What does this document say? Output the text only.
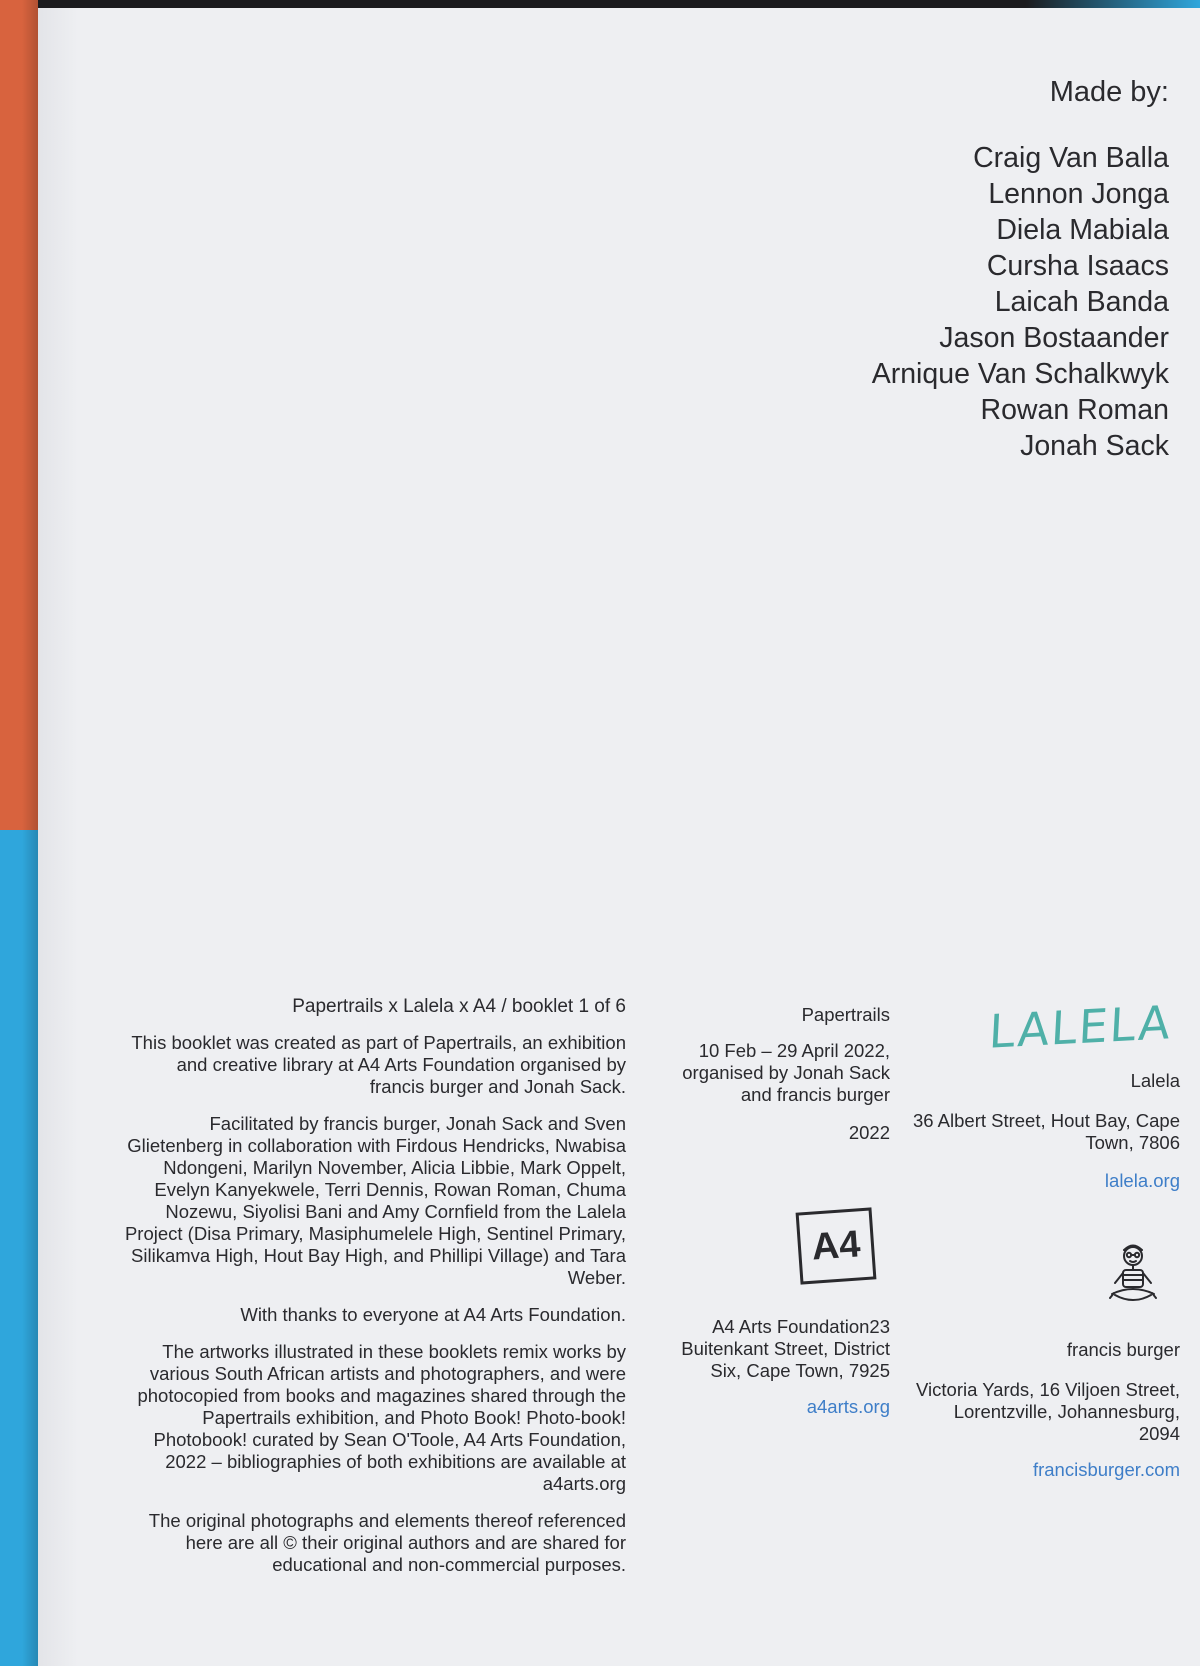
Made by:
Craig Van Balla
Lennon Jonga
Diela Mabiala
Cursha Isaacs
Laicah Banda
Jason Bostaander
Arnique Van Schalkwyk
Rowan Roman
Jonah Sack
Papertrails x Lalela x A4 / booklet 1 of 6

This booklet was created as part of Papertrails, an exhibition and creative library at A4 Arts Foundation organised by francis burger and Jonah Sack.

Facilitated by francis burger, Jonah Sack and Sven Glietenberg in collaboration with Firdous Hendricks, Nwabisa Ndongeni, Marilyn November, Alicia Libbie, Mark Oppelt, Evelyn Kanyekwele, Terri Dennis, Rowan Roman, Chuma Nozewu, Siyolisi Bani and Amy Cornfield from the Lalela Project (Disa Primary, Masiphumelele High, Sentinel Primary, Silikamva High, Hout Bay High, and Phillipi Village) and Tara Weber.

With thanks to everyone at A4 Arts Foundation.

The artworks illustrated in these booklets remix works by various South African artists and photographers, and were photocopied from books and magazines shared through the Papertrails exhibition, and Photo Book! Photo-book! Photobook! curated by Sean O'Toole, A4 Arts Foundation, 2022 – bibliographies of both exhibitions are available at a4arts.org

The original photographs and elements thereof referenced here are all © their original authors and are shared for educational and non-commercial purposes.

Papertrails
10 Feb – 29 April 2022, organised by Jonah Sack and francis burger
2022
A4
A4 Arts Foundation23 Buitenkant Street, District Six, Cape Town, 7925
a4arts.org
LALELA
Lalela
36 Albert Street, Hout Bay, Cape Town, 7806
lalela.org
francis burger
Victoria Yards, 16 Viljoen Street, Lorentzville, Johannesburg, 2094
francisburger.com
